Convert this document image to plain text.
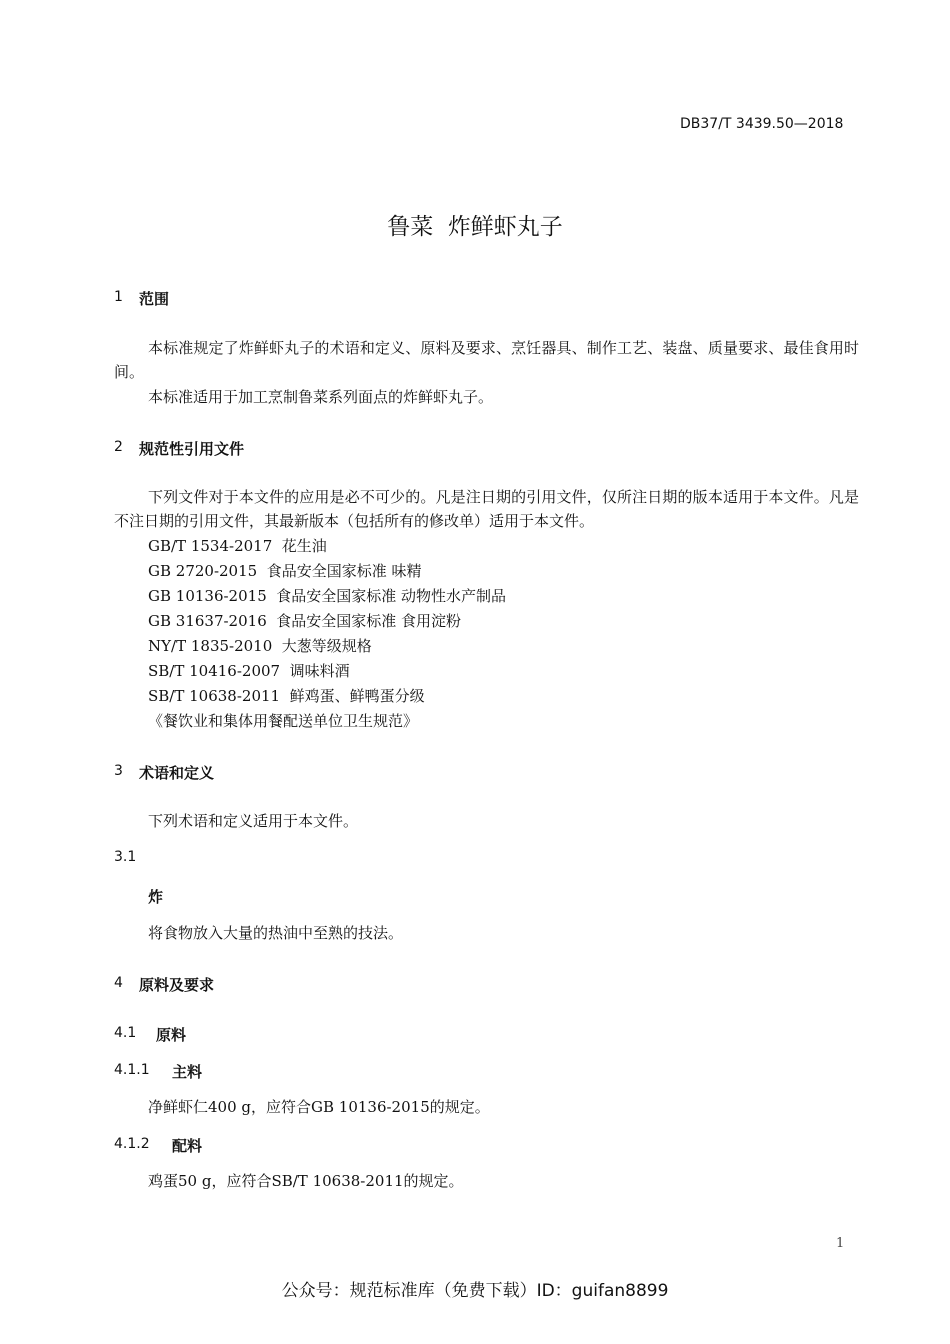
DB37/T 3439.50—2018
鲁菜  炸鲜虾丸子
1 范围
本标准规定了炸鲜虾丸子的术语和定义、原料及要求、烹饪器具、制作工艺、装盘、质量要求、最佳食用时间。
本标准适用于加工烹制鲁菜系列面点的炸鲜虾丸子。
2 规范性引用文件
下列文件对于本文件的应用是必不可少的。凡是注日期的引用文件，仅所注日期的版本适用于本文件。凡是不注日期的引用文件，其最新版本（包括所有的修改单）适用于本文件。
GB/T 1534-2017  花生油
GB 2720-2015  食品安全国家标准 味精
GB 10136-2015  食品安全国家标准 动物性水产制品
GB 31637-2016  食品安全国家标准 食用淀粉
NY/T 1835-2010  大葱等级规格
SB/T 10416-2007  调味料酒
SB/T 10638-2011  鲜鸡蛋、鲜鸭蛋分级
《餐饮业和集体用餐配送单位卫生规范》
3 术语和定义
下列术语和定义适用于本文件。
3.1
炸
将食物放入大量的热油中至熟的技法。
4 原料及要求
4.1 原料
4.1.1 主料
净鲜虾仁400 g，应符合GB 10136-2015的规定。
4.1.2 配料
鸡蛋50 g，应符合SB/T 10638-2011的规定。
1
公众号：规范标准库（免费下载）ID：guifan8899
